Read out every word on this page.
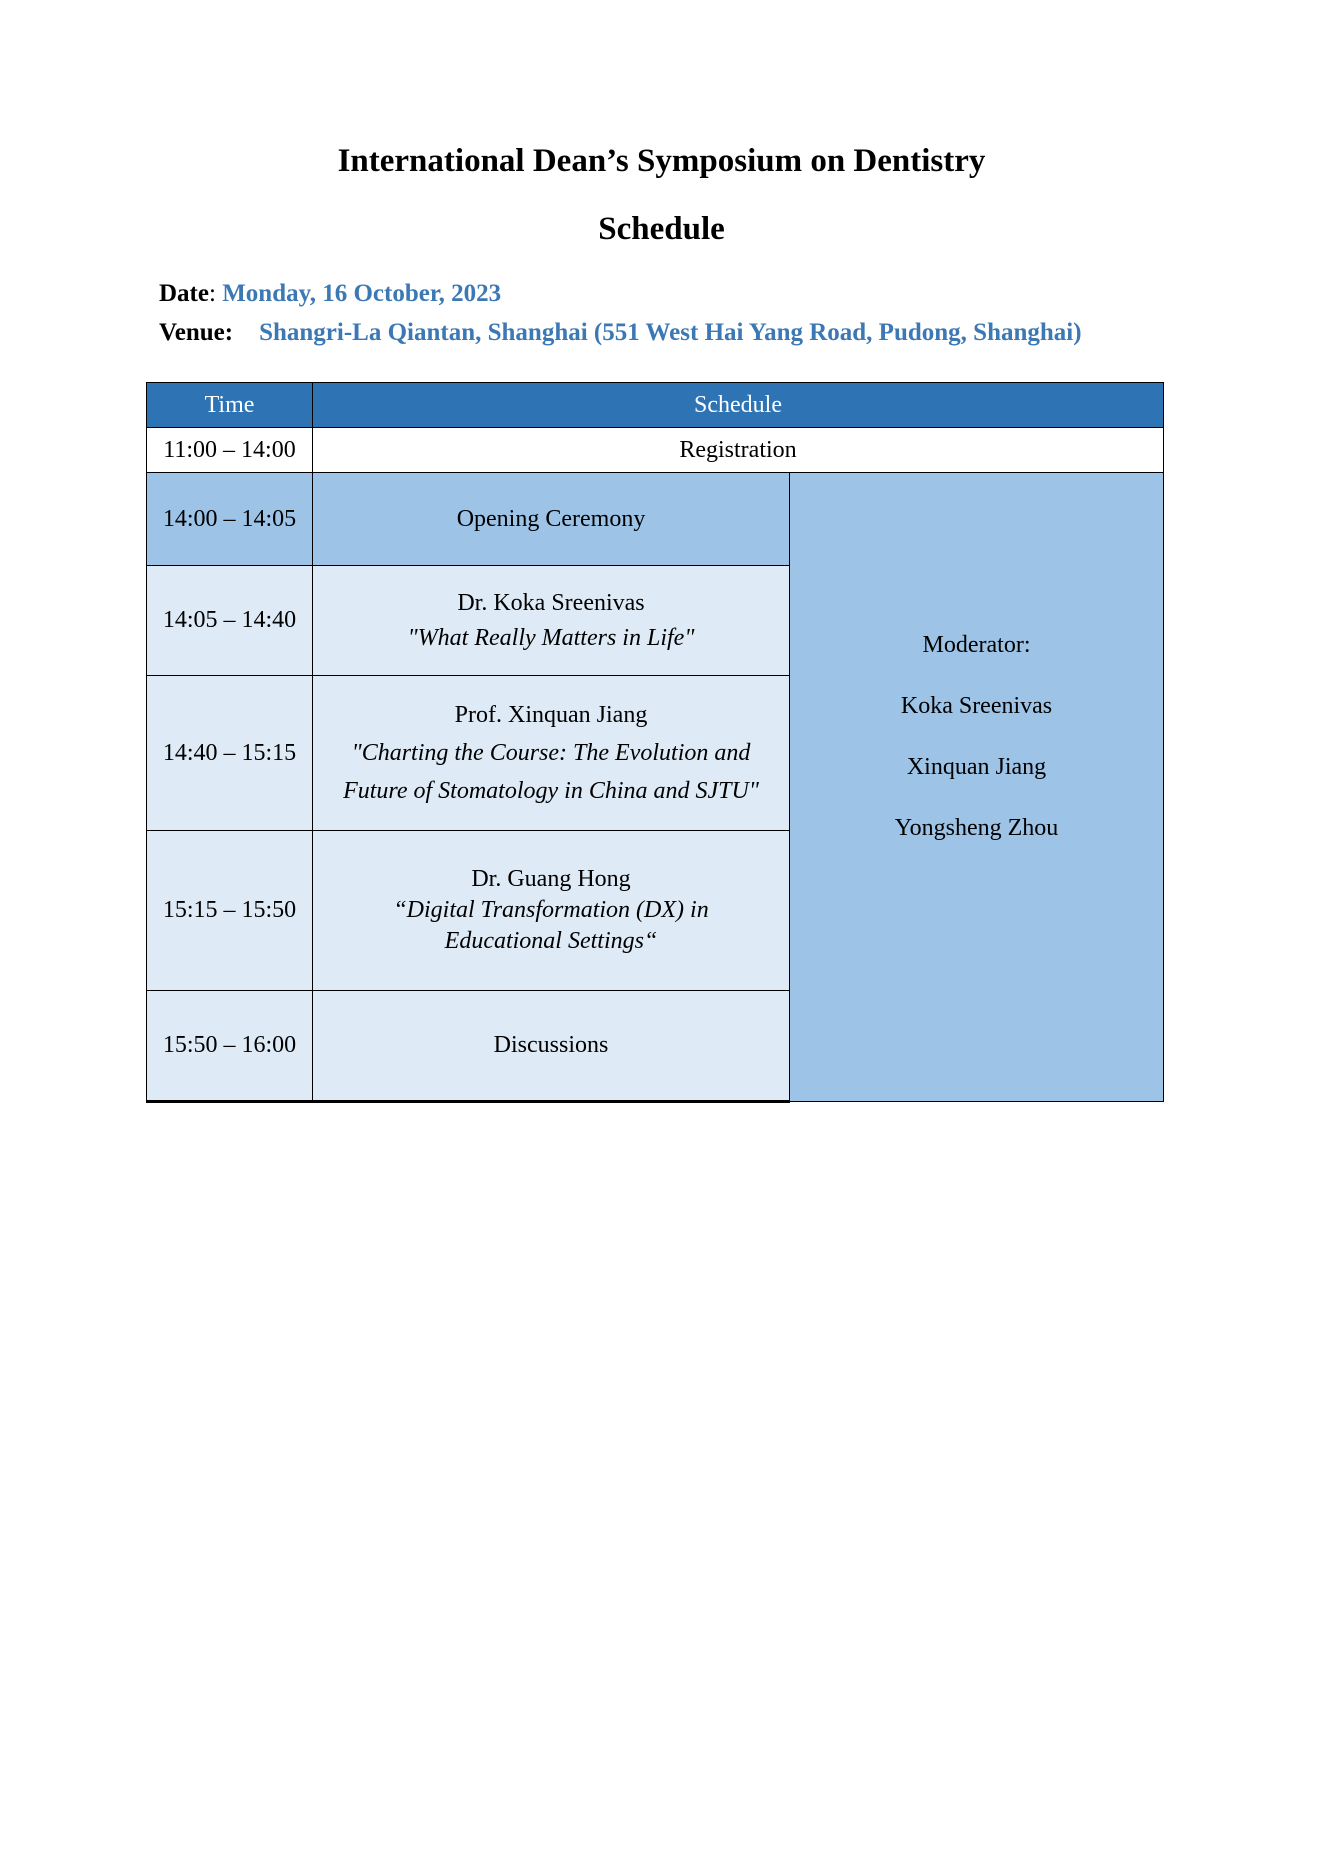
International Dean’s Symposium on Dentistry
Schedule
Date: Monday, 16 October, 2023
Venue: Shangri-La Qiantan, Shanghai (551 West Hai Yang Road, Pudong, Shanghai)
Time	Schedule	
11:00 – 14:00	Registration	
14:00 – 14:05	Opening Ceremony	Moderator:
Koka Sreenivas
Xinquan Jiang
Yongsheng Zhou

14:05 – 14:40	Dr. Koka Sreenivas
"What Really Matters in Life"	

14:40 – 15:15	Prof. Xinquan Jiang
"Charting the Course: The Evolution and Future of Stomatology in China and SJTU"	

15:15 – 15:50	Dr. Guang Hong
“Digital Transformation (DX) in Educational Settings“	

15:50 – 16:00	Discussions	
